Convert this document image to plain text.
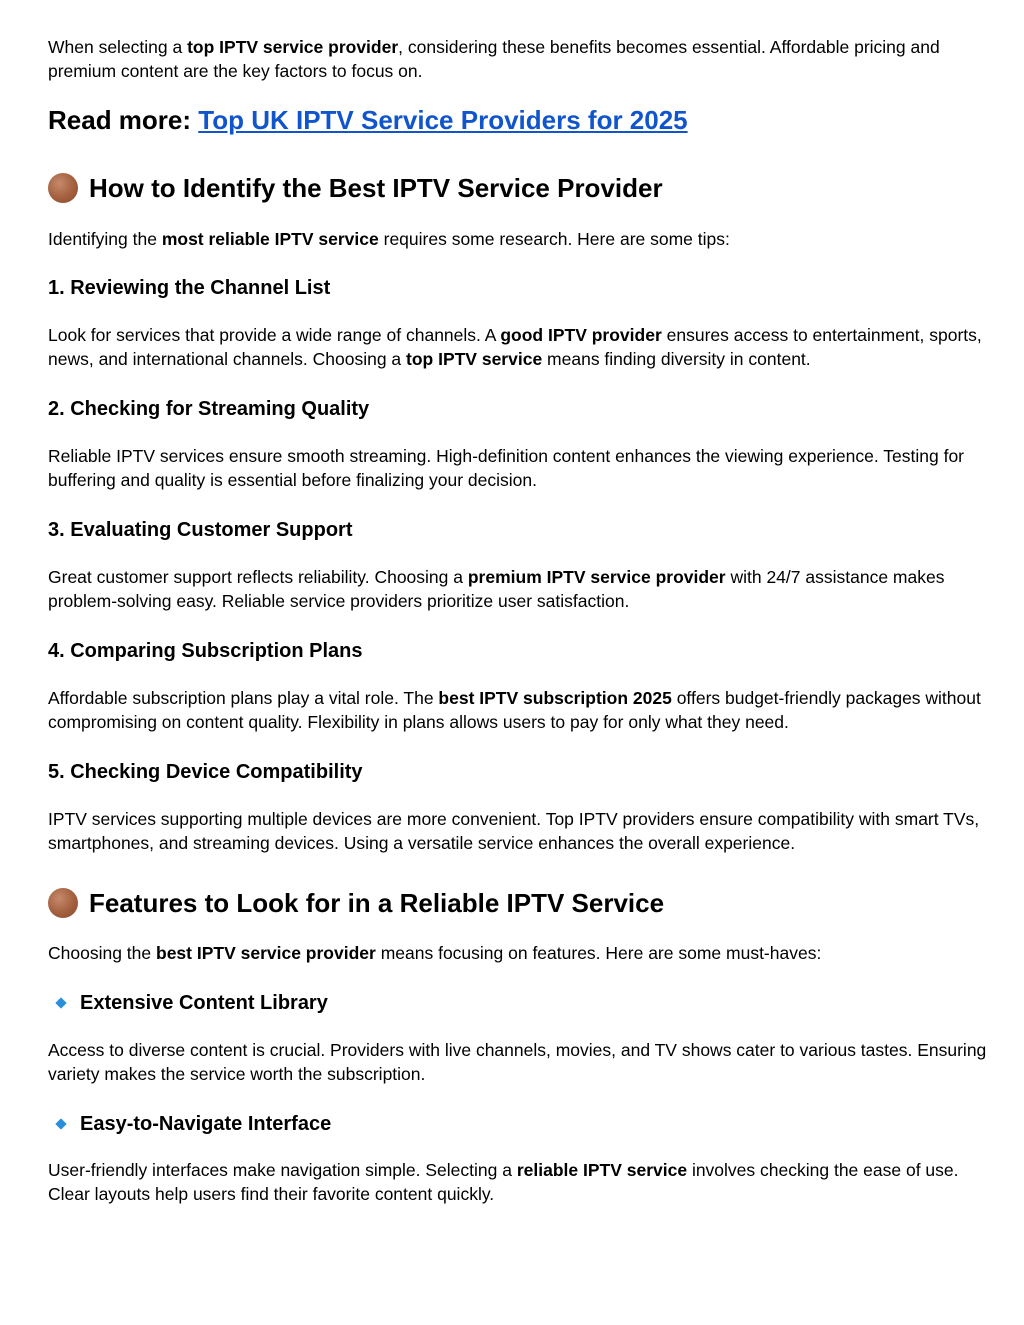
When selecting a top IPTV service provider, considering these benefits becomes essential. Affordable pricing and premium content are the key factors to focus on.

Read more: Top UK IPTV Service Providers for 2025
How to Identify the Best IPTV Service Provider

Identifying the most reliable IPTV service requires some research. Here are some tips:

1. Reviewing the Channel List

Look for services that provide a wide range of channels. A good IPTV provider ensures access to entertainment, sports, news, and international channels. Choosing a top IPTV service means finding diversity in content.

2. Checking for Streaming Quality

Reliable IPTV services ensure smooth streaming. High-definition content enhances the viewing experience. Testing for buffering and quality is essential before finalizing your decision.

3. Evaluating Customer Support

Great customer support reflects reliability. Choosing a premium IPTV service provider with 24/7 assistance makes problem-solving easy. Reliable service providers prioritize user satisfaction.

4. Comparing Subscription Plans

Affordable subscription plans play a vital role. The best IPTV subscription 2025 offers budget-friendly packages without compromising on content quality. Flexibility in plans allows users to pay for only what they need.

5. Checking Device Compatibility

IPTV services supporting multiple devices are more convenient. Top IPTV providers ensure compatibility with smart TVs, smartphones, and streaming devices. Using a versatile service enhances the overall experience.

Features to Look for in a Reliable IPTV Service

Choosing the best IPTV service provider means focusing on features. Here are some must-haves:

Extensive Content Library

Access to diverse content is crucial. Providers with live channels, movies, and TV shows cater to various tastes. Ensuring variety makes the service worth the subscription.

Easy-to-Navigate Interface

User-friendly interfaces make navigation simple. Selecting a reliable IPTV service involves checking the ease of use. Clear layouts help users find their favorite content quickly.
